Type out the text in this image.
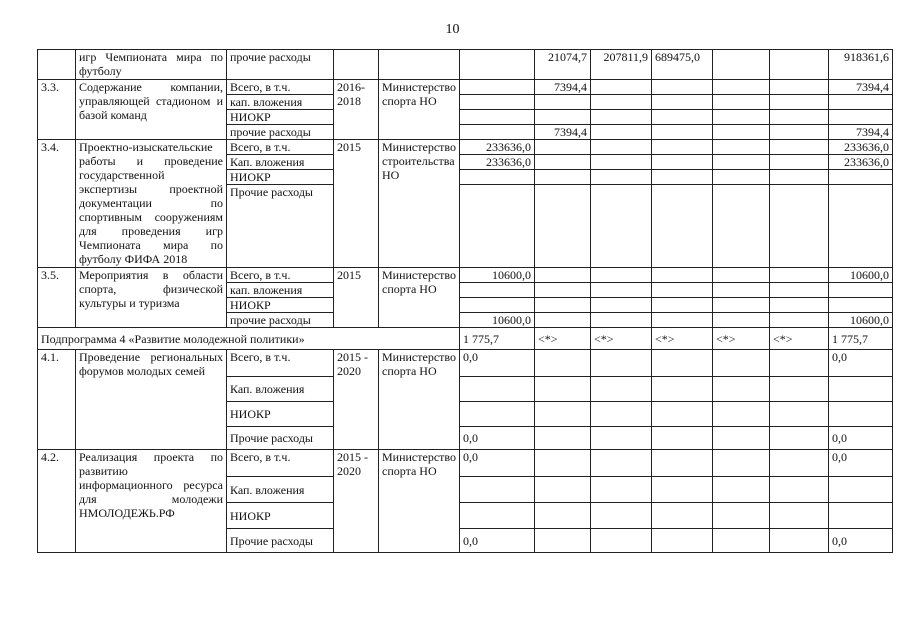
10
	игр Чемпионата мира по футболу	прочие расходы				21074,7	207811,9	689475,0			918361,6
3.3.	Содержание компании, управляющей стадионом и базой команд	Всего, в т.ч.	2016-2018	Министерство спорта НО		7394,4					7394,4
		кап. вложения									
		НИОКР									
		прочие расходы				7394,4					7394,4
3.4.	Проектно-изыскательские работы и проведение государственной экспертизы проектной документации по спортивным сооружениям для проведения игр Чемпионата мира по футболу ФИФА 2018	Всего, в т.ч.	2015	Министерство строительства НО	233636,0						233636,0
		Кап. вложения			233636,0						233636,0
		НИОКР									
		Прочие расходы									
3.5.	Мероприятия в области спорта, физической культуры и туризма	Всего, в т.ч.	2015	Министерство спорта НО	10600,0						10600,0
		кап. вложения									
		НИОКР									
		прочие расходы			10600,0						10600,0
Подпрограмма 4 «Развитие молодежной политики»					1 775,7	<*>	<*>	<*>	<*>	<*>	1 775,7
4.1.	Проведение региональных форумов молодых семей	Всего, в т.ч.	2015 - 2020	Министерство спорта НО	0,0						0,0
		Кап. вложения									
		НИОКР									
		Прочие расходы			0,0						0,0
4.2.	Реализация проекта по развитию информационного ресурса для молодежи НМОЛОДЕЖЬ.РФ	Всего, в т.ч.	2015 - 2020	Министерство спорта НО	0,0						0,0
		Кап. вложения									
		НИОКР									
		Прочие расходы			0,0						0,0
